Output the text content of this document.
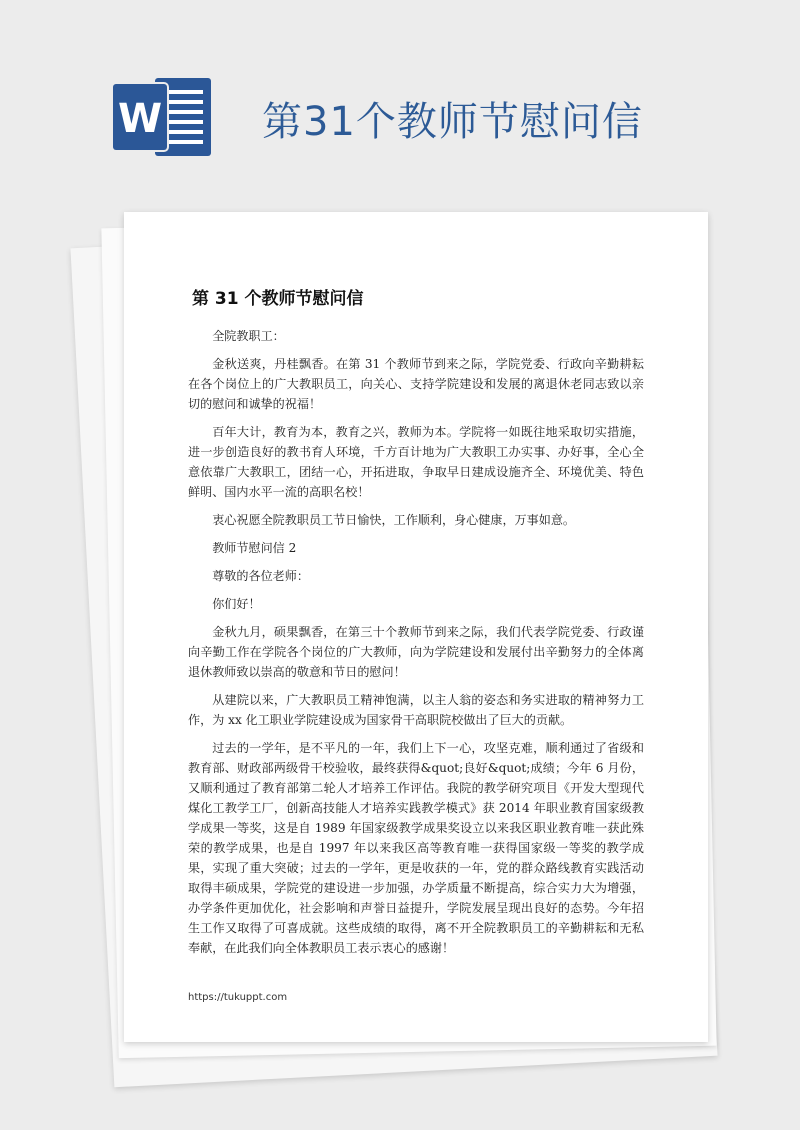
W 第31个教师节慰问信
第 31 个教师节慰问信

全院教职工：

金秋送爽，丹桂飘香。在第 31 个教师节到来之际，学院党委、行政向辛勤耕耘在各个岗位上的广大教职员工，向关心、支持学院建设和发展的离退休老同志致以亲切的慰问和诚挚的祝福！

百年大计，教育为本，教育之兴，教师为本。学院将一如既往地采取切实措施，进一步创造良好的教书育人环境，千方百计地为广大教职工办实事、办好事，全心全意依靠广大教职工，团结一心，开拓进取，争取早日建成设施齐全、环境优美、特色鲜明、国内水平一流的高职名校！

衷心祝愿全院教职员工节日愉快，工作顺利，身心健康，万事如意。

教师节慰问信 2

尊敬的各位老师：

你们好！

金秋九月，硕果飘香，在第三十个教师节到来之际，我们代表学院党委、行政谨向辛勤工作在学院各个岗位的广大教师，向为学院建设和发展付出辛勤努力的全体离退休教师致以崇高的敬意和节日的慰问！

从建院以来，广大教职员工精神饱满，以主人翁的姿态和务实进取的精神努力工作，为 xx 化工职业学院建设成为国家骨干高职院校做出了巨大的贡献。

过去的一学年，是不平凡的一年，我们上下一心，攻坚克难，顺利通过了省级和教育部、财政部两级骨干校验收，最终获得&quot;良好&quot;成绩；今年 6 月份，又顺利通过了教育部第二轮人才培养工作评估。我院的教学研究项目《开发大型现代煤化工教学工厂，创新高技能人才培养实践教学模式》获 2014 年职业教育国家级教学成果一等奖，这是自 1989 年国家级教学成果奖设立以来我区职业教育唯一获此殊荣的教学成果，也是自 1997 年以来我区高等教育唯一获得国家级一等奖的教学成果，实现了重大突破；过去的一学年，更是收获的一年，党的群众路线教育实践活动取得丰硕成果，学院党的建设进一步加强，办学质量不断提高，综合实力大为增强，办学条件更加优化，社会影响和声誉日益提升，学院发展呈现出良好的态势。今年招生工作又取得了可喜成就。这些成绩的取得，离不开全院教职员工的辛勤耕耘和无私奉献，在此我们向全体教职员工表示衷心的感谢！

https://tukuppt.com
